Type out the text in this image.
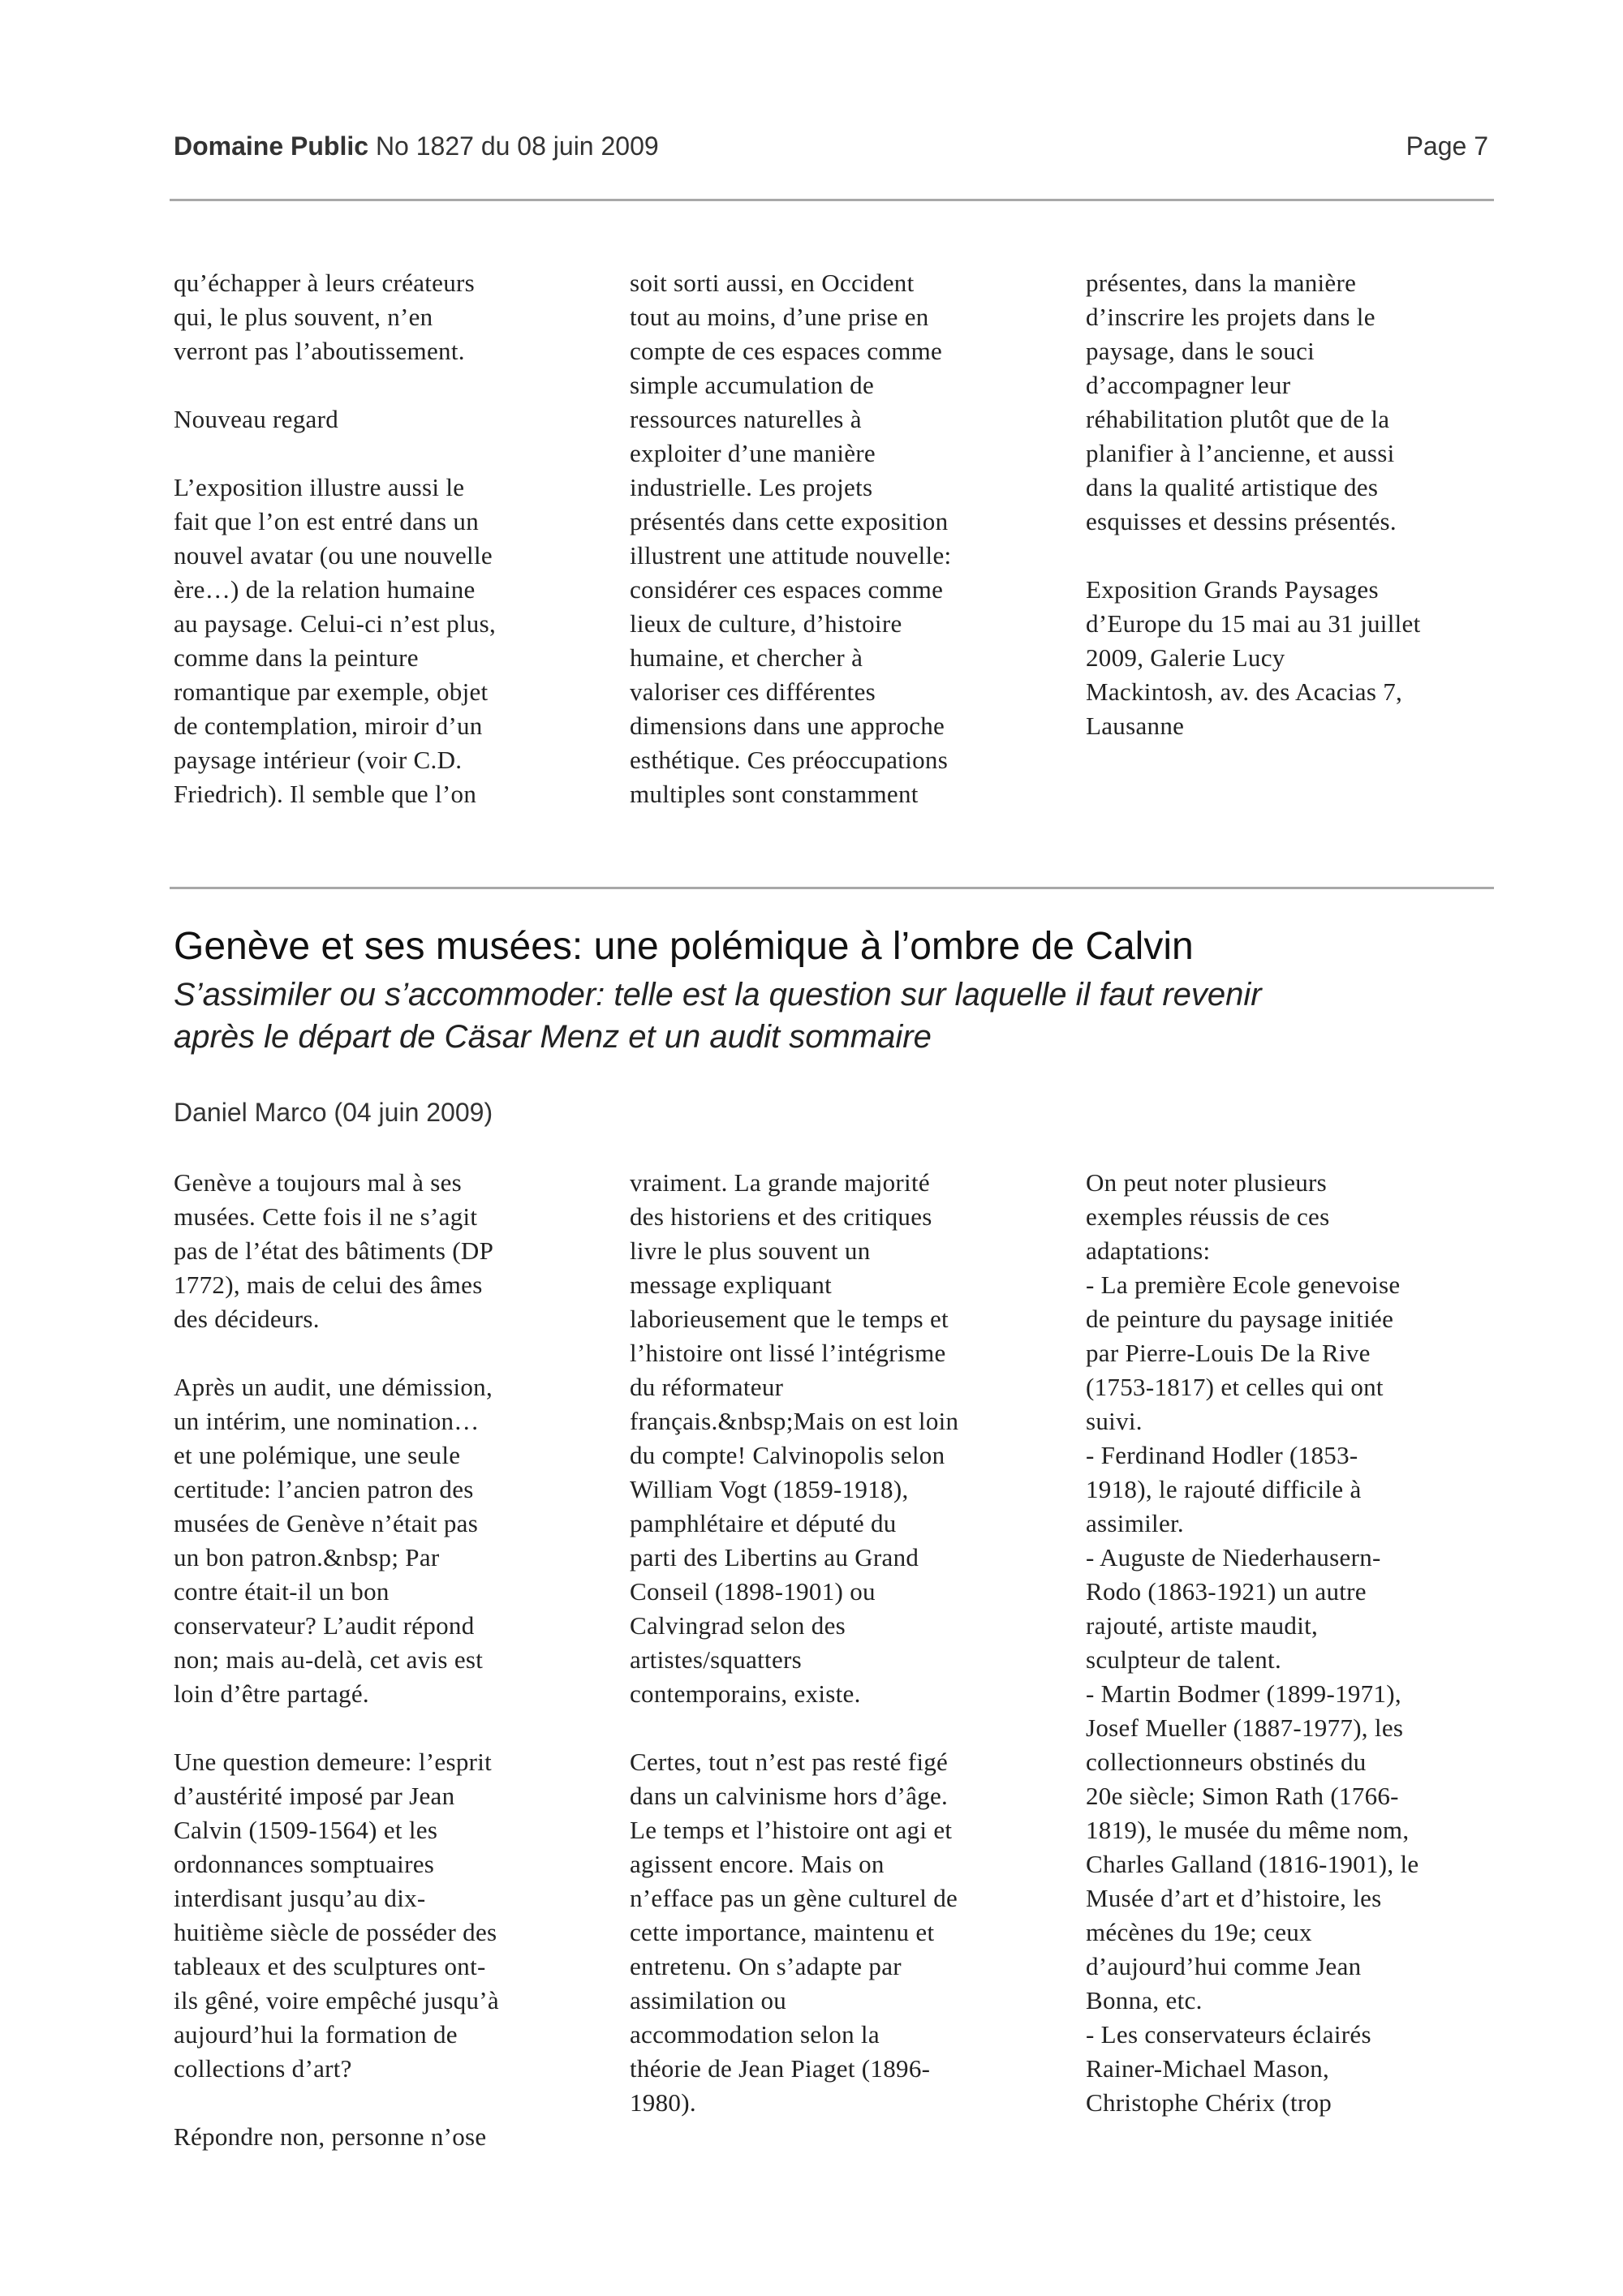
Domaine Public No 1827 du 08 juin 2009	Page 7

qu’échapper à leurs créateurs
qui, le plus souvent, n’en
verront pas l’aboutissement.

Nouveau regard

L’exposition illustre aussi le
fait que l’on est entré dans un
nouvel avatar (ou une nouvelle
ère…) de la relation humaine
au paysage. Celui-ci n’est plus,
comme dans la peinture
romantique par exemple, objet
de contemplation, miroir d’un
paysage intérieur (voir C.D.
Friedrich). Il semble que l’on

soit sorti aussi, en Occident
tout au moins, d’une prise en
compte de ces espaces comme
simple accumulation de
ressources naturelles à
exploiter d’une manière
industrielle. Les projets
présentés dans cette exposition
illustrent une attitude nouvelle:
considérer ces espaces comme
lieux de culture, d’histoire
humaine, et chercher à
valoriser ces différentes
dimensions dans une approche
esthétique. Ces préoccupations
multiples sont constamment

présentes, dans la manière
d’inscrire les projets dans le
paysage, dans le souci
d’accompagner leur
réhabilitation plutôt que de la
planifier à l’ancienne, et aussi
dans la qualité artistique des
esquisses et dessins présentés.

Exposition Grands Paysages
d’Europe du 15 mai au 31 juillet
2009, Galerie Lucy
Mackintosh, av. des Acacias 7,
Lausanne

Genève et ses musées: une polémique à l’ombre de Calvin
S’assimiler ou s’accommoder: telle est la question sur laquelle il faut revenir
après le départ de Cäsar Menz et un audit sommaire
Daniel Marco (04 juin 2009)

Genève a toujours mal à ses
musées. Cette fois il ne s’agit
pas de l’état des bâtiments (DP
1772), mais de celui des âmes
des décideurs.

Après un audit, une démission,
un intérim, une nomination…
et une polémique, une seule
certitude: l’ancien patron des
musées de Genève n’était pas
un bon patron.&nbsp; Par
contre était-il un bon
conservateur? L’audit répond
non; mais au-delà, cet avis est
loin d’être partagé.

Une question demeure: l’esprit
d’austérité imposé par Jean
Calvin (1509-1564) et les
ordonnances somptuaires
interdisant jusqu’au dix-
huitième siècle de posséder des
tableaux et des sculptures ont-
ils gêné, voire empêché jusqu’à
aujourd’hui la formation de
collections d’art?

Répondre non, personne n’ose

vraiment. La grande majorité
des historiens et des critiques
livre le plus souvent un
message expliquant
laborieusement que le temps et
l’histoire ont lissé l’intégrisme
du réformateur
français.&nbsp;Mais on est loin
du compte! Calvinopolis selon
William Vogt (1859-1918),
pamphlétaire et député du
parti des Libertins au Grand
Conseil (1898-1901) ou
Calvingrad selon des
artistes/squatters
contemporains, existe.

Certes, tout n’est pas resté figé
dans un calvinisme hors d’âge.
Le temps et l’histoire ont agi et
agissent encore. Mais on
n’efface pas un gène culturel de
cette importance, maintenu et
entretenu. On s’adapte par
assimilation ou
accommodation selon la
théorie de Jean Piaget (1896-
1980).

On peut noter plusieurs
exemples réussis de ces
adaptations:
- La première Ecole genevoise
de peinture du paysage initiée
par Pierre-Louis De la Rive
(1753-1817) et celles qui ont
suivi.
- Ferdinand Hodler (1853-
1918), le rajouté difficile à
assimiler.
- Auguste de Niederhausern-
Rodo (1863-1921) un autre
rajouté, artiste maudit,
sculpteur de talent.
- Martin Bodmer (1899-1971),
Josef Mueller (1887-1977), les
collectionneurs obstinés du
20e siècle; Simon Rath (1766-
1819), le musée du même nom,
Charles Galland (1816-1901), le
Musée d’art et d’histoire, les
mécènes du 19e; ceux
d’aujourd’hui comme Jean
Bonna, etc.
- Les conservateurs éclairés
Rainer-Michael Mason,
Christophe Chérix (trop
